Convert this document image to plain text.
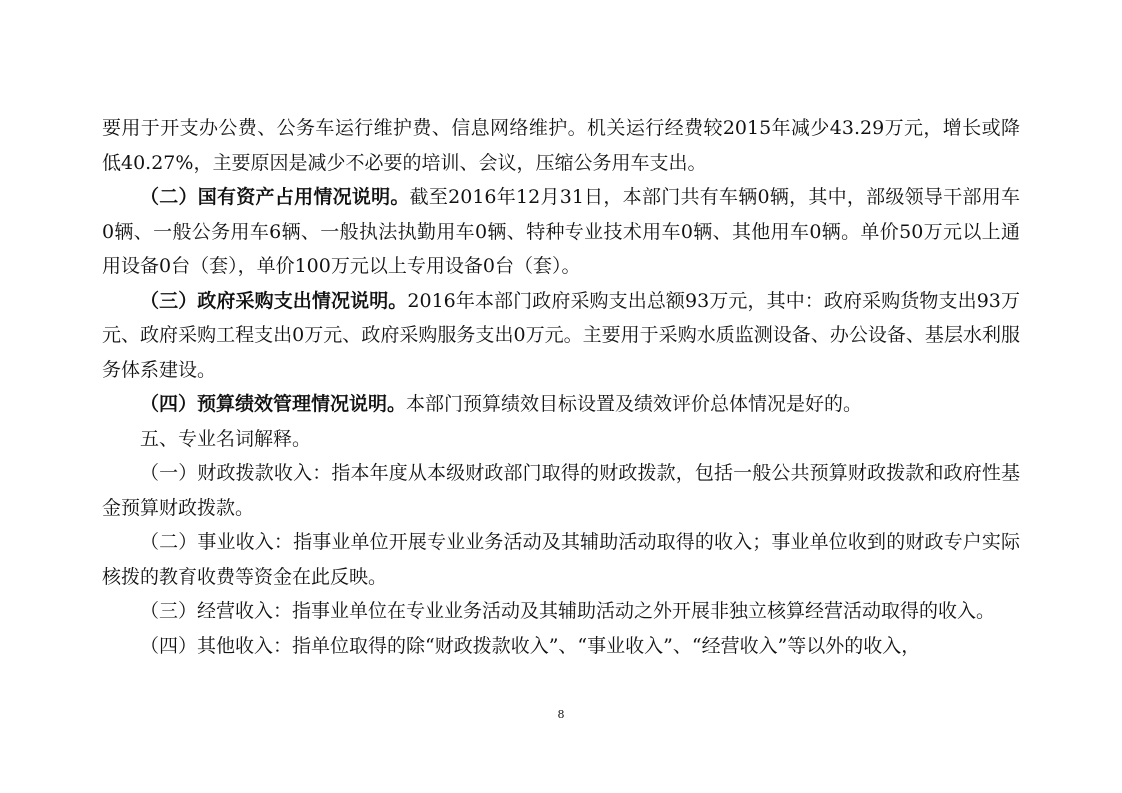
要用于开支办公费、公务车运行维护费、信息网络维护。机关运行经费较2015年减少43.29万元，增长或降低40.27%，主要原因是减少不必要的培训、会议，压缩公务用车支出。

（二）国有资产占用情况说明。截至2016年12月31日，本部门共有车辆0辆，其中，部级领导干部用车0辆、一般公务用车6辆、一般执法执勤用车0辆、特种专业技术用车0辆、其他用车0辆。单价50万元以上通用设备0台（套），单价100万元以上专用设备0台（套）。

（三）政府采购支出情况说明。2016年本部门政府采购支出总额93万元，其中：政府采购货物支出93万元、政府采购工程支出0万元、政府采购服务支出0万元。主要用于采购水质监测设备、办公设备、基层水利服务体系建设。

（四）预算绩效管理情况说明。本部门预算绩效目标设置及绩效评价总体情况是好的。

五、专业名词解释。

（一）财政拨款收入：指本年度从本级财政部门取得的财政拨款，包括一般公共预算财政拨款和政府性基金预算财政拨款。

（二）事业收入：指事业单位开展专业业务活动及其辅助活动取得的收入；事业单位收到的财政专户实际核拨的教育收费等资金在此反映。

（三）经营收入：指事业单位在专业业务活动及其辅助活动之外开展非独立核算经营活动取得的收入。

（四）其他收入：指单位取得的除“财政拨款收入”、“事业收入”、“经营收入”等以外的收入，

8
